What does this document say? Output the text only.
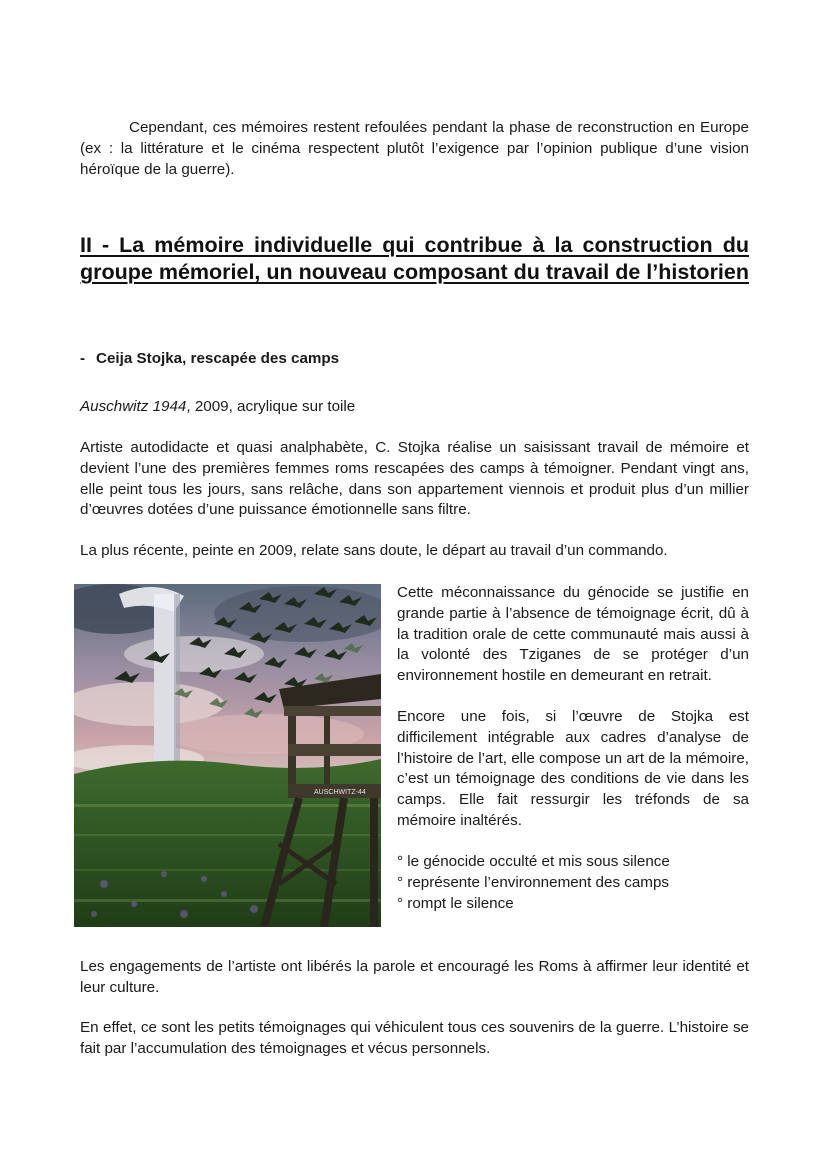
Cependant, ces mémoires restent refoulées pendant la phase de reconstruction en Europe (ex : la littérature et le cinéma respectent plutôt l’exigence par l’opinion publique d’une vision héroïque de la guerre).

II - La mémoire individuelle qui contribue à la construction du groupe mémoriel, un nouveau composant du travail de l’historien
- Ceija Stojka, rescapée des camps

Auschwitz 1944, 2009, acrylique sur toile

Artiste autodidacte et quasi analphabète, C. Stojka réalise un saisissant travail de mémoire et devient l’une des premières femmes roms rescapées des camps à témoigner. Pendant vingt ans, elle peint tous les jours, sans relâche, dans son appartement viennois et produit plus d’un millier d’œuvres dotées d’une puissance émotionnelle sans filtre.

La plus récente, peinte en 2009, relate sans doute, le départ au travail d’un commando.

AUSCHWITZ-44

Cette méconnaissance du génocide se justifie en grande partie à l’absence de témoignage écrit, dû à la tradition orale de cette communauté mais aussi à la volonté des Tziganes de se protéger d’un environnement hostile en demeurant en retrait.

Encore une fois, si l’œuvre de Stojka est difficilement intégrable aux cadres d’analyse de l’histoire de l’art, elle compose un art de la mémoire, c’est un témoignage des conditions de vie dans les camps. Elle fait ressurgir les tréfonds de sa mémoire inaltérés.

° le génocide occulté et mis sous silence
° représente l’environnement des camps
° rompt le silence

Les engagements de l’artiste ont libérés la parole et encouragé les Roms à affirmer leur identité et leur culture.

En effet, ce sont les petits témoignages qui véhiculent tous ces souvenirs de la guerre. L’histoire se fait par l’accumulation des témoignages et vécus personnels.
